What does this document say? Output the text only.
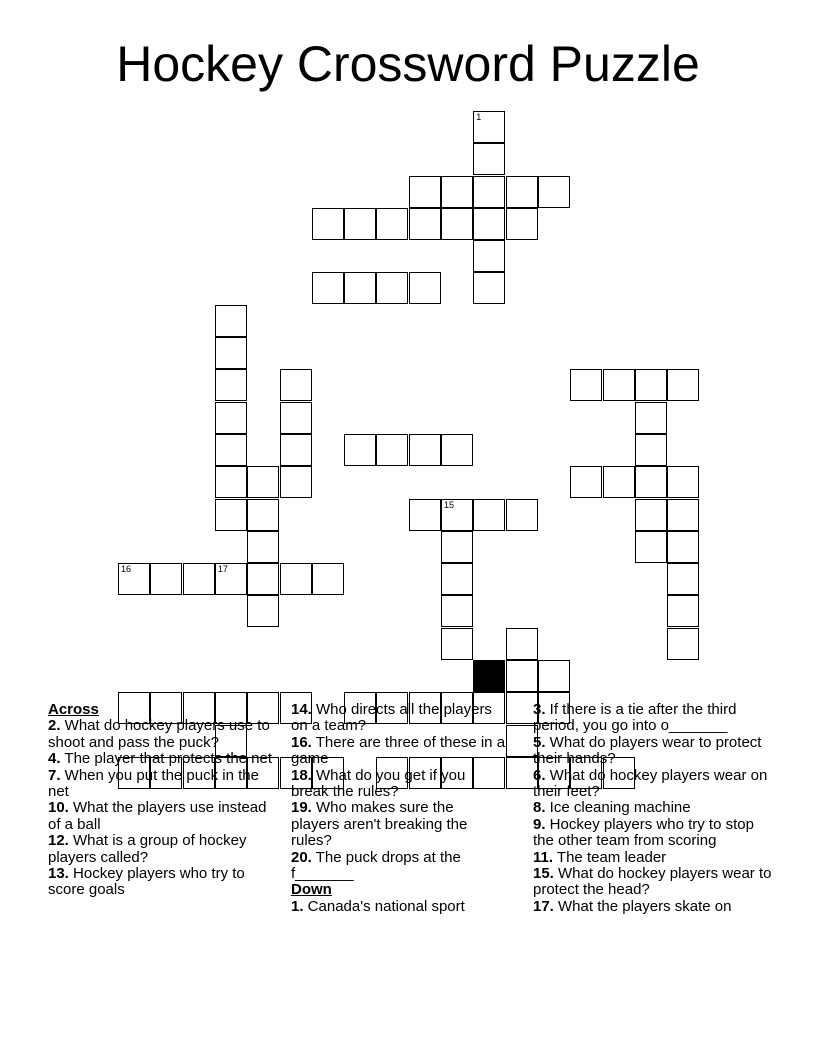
Hockey Crossword Puzzle
1
16	17
15
Across
2. What do hockey players use to shoot and pass the puck?
4. The player that protects the net
7. When you put the puck in the net
10. What the players use instead of a ball
12. What is a group of hockey players called?
13. Hockey players who try to score goals
14. Who directs all the players on a team?
16. There are three of these in a game
18. What do you get if you break the rules?
19. Who makes sure the players aren't breaking the rules?
20. The puck drops at the f_______
Down
1. Canada's national sport
3. If there is a tie after the third period, you go into o_______
5. What do players wear to protect their hands?
6. What do hockey players wear on their feet?
8. Ice cleaning machine
9. Hockey players who try to stop the other team from scoring
11. The team leader
15. What do hockey players wear to protect the head?
17. What the players skate on
